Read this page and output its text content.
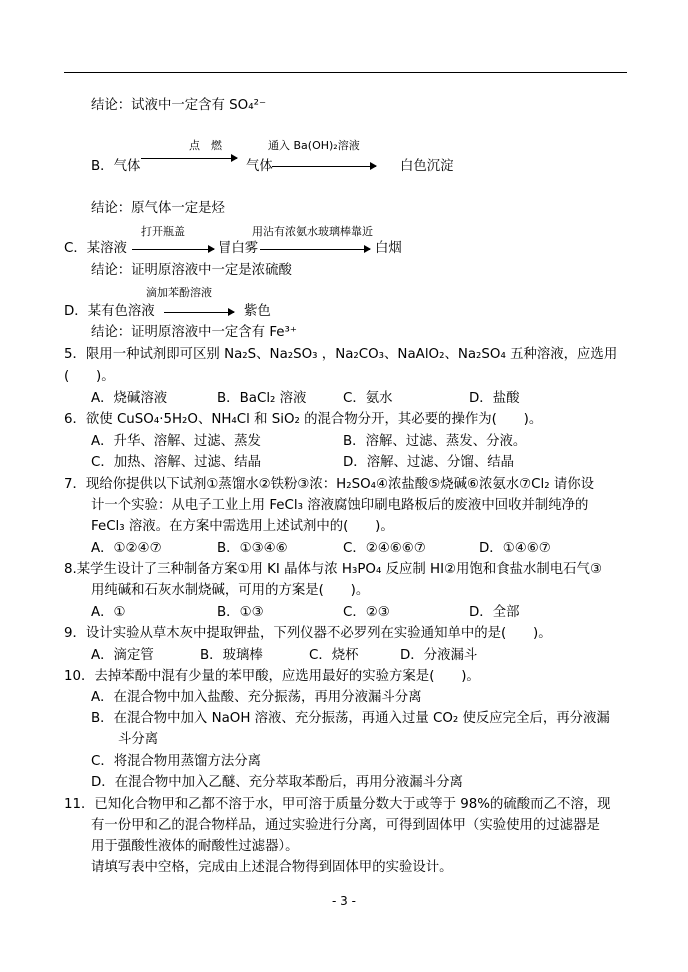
结论：试液中一定含有 SO₄²⁻
点　燃	通入 Ba(OH)₂溶液
B．气体	气体	白色沉淀
结论：原气体一定是烃
打开瓶盖	用沾有浓氨水玻璃棒靠近
C．某溶液	冒白雾	白烟
结论：证明原溶液中一定是浓硫酸
滴加苯酚溶液
D．某有色溶液	紫色
结论：证明原溶液中一定含有 Fe³⁺
5．限用一种试剂即可区别 Na₂S、Na₂SO₃ ，Na₂CO₃、NaAlO₂、Na₂SO₄ 五种溶液，应选用
(　　)。
A．烧碱溶液	B．BaCl₂ 溶液	C．氨水	D．盐酸
6．欲使 CuSO₄·5H₂O、NH₄Cl 和 SiO₂ 的混合物分开，其必要的操作为(　　)。
A．升华、溶解、过滤、蒸发	B．溶解、过滤、蒸发、分液。
C．加热、溶解、过滤、结晶	D．溶解、过滤、分馏、结晶
7．现给你提供以下试剂①蒸馏水②铁粉③浓：H₂SO₄④浓盐酸⑤烧碱⑥浓氨水⑦Cl₂ 请你设
计一个实验：从电子工业上用 FeCl₃ 溶液腐蚀印刷电路板后的废液中回收并制纯净的
FeCl₃ 溶液。在方案中需选用上述试剂中的(　　)。
A．①②④⑦	B．①③④⑥	C．②④⑥⑥⑦	D．①④⑥⑦
8.某学生设计了三种制备方案①用 KI 晶体与浓 H₃PO₄ 反应制 HI②用饱和食盐水制电石气③
用纯碱和石灰水制烧碱，可用的方案是(　　)。
A．①	B．①③	C．②③	D．全部
9．设计实验从草木灰中提取钾盐，下列仪器不必罗列在实验通知单中的是(　　)。
A．滴定管	B．玻璃棒	C．烧杯	D．分液漏斗
10．去掉苯酚中混有少量的苯甲酸，应选用最好的实验方案是(　　)。
A．在混合物中加入盐酸、充分振荡，再用分液漏斗分离
B．在混合物中加入 NaOH 溶液、充分振荡，再通入过量 CO₂ 使反应完全后，再分液漏
斗分离
C．将混合物用蒸馏方法分离
D．在混合物中加入乙醚、充分萃取苯酚后，再用分液漏斗分离
11．已知化合物甲和乙都不溶于水，甲可溶于质量分数大于或等于 98%的硫酸而乙不溶，现
有一份甲和乙的混合物样品，通过实验进行分离，可得到固体甲（实验使用的过滤器是
用于强酸性液体的耐酸性过滤器）。
请填写表中空格，完成由上述混合物得到固体甲的实验设计。
- 3 -
